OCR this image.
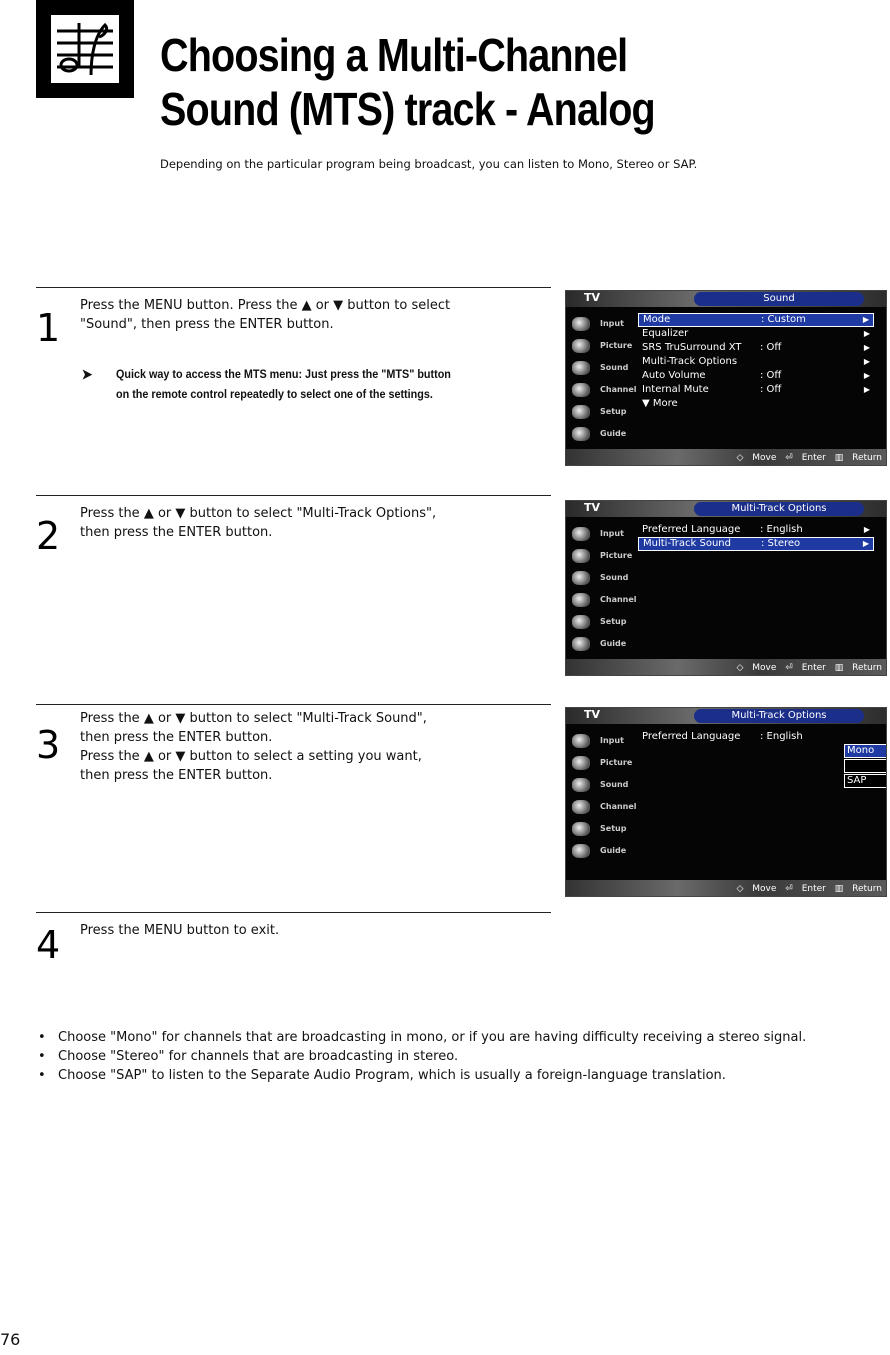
Choosing a Multi-Channel
Sound (MTS) track - Analog
Depending on the particular program being broadcast, you can listen to Mono, Stereo or SAP.
1
Press the MENU button. Press the ▲ or ▼ button to select
"Sound", then press the ENTER button.
➤ Quick way to access the MTS menu: Just press the "MTS" button
on the remote control repeatedly to select one of the settings.
2
Press the ▲ or ▼ button to select "Multi-Track Options",
then press the ENTER button.
3
Press the ▲ or ▼ button to select "Multi-Track Sound",
then press the ENTER button.
Press the ▲ or ▼ button to select a setting you want,
then press the ENTER button.
4 Press the MENU button to exit.
TV	Sound
Input
Picture
Sound
Channel
Setup
Guide
Mode	: Custom	▶
Equalizer	▶
SRS TruSurround XT : Off	▶
Multi-Track Options	▶
Auto Volume	: Off	▶
Internal Mute	: Off	▶
▼ More
◇ Move ⏎ Enter ▥ Return
TV	Multi-Track Options
Input
Picture
Sound
Channel
Setup
Guide
Preferred Language : English	▶
Multi-Track Sound	: Stereo	▶
◇ Move ⏎ Enter ▥ Return
TV	Multi-Track Options
Input
Picture
Sound
Channel
Setup
Guide
Preferred Language : English
Mono
SAP
◇ Move ⏎ Enter ▥ Return
• Choose "Mono" for channels that are broadcasting in mono, or if you are having difficulty receiving a stereo signal.
• Choose "Stereo" for channels that are broadcasting in stereo.
• Choose "SAP" to listen to the Separate Audio Program, which is usually a foreign-language translation.
76
